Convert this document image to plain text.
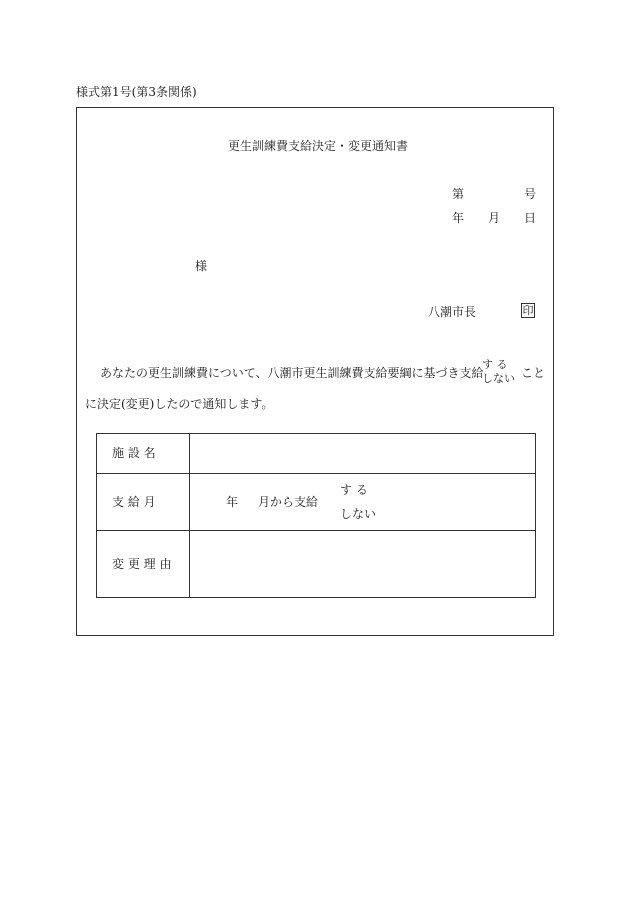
様式第1号(第3条関係)
更生訓練費支給決定・変更通知書
第	号
年 月 日
様
八潮市長	印
あなたの更生訓練費について、八潮市更生訓練費支給要綱に基づき支給
す る
しない こと
に決定(変更)したので通知します。
施 設 名
支 給 月	年 月から支給
す る
しない
変 更 理 由
